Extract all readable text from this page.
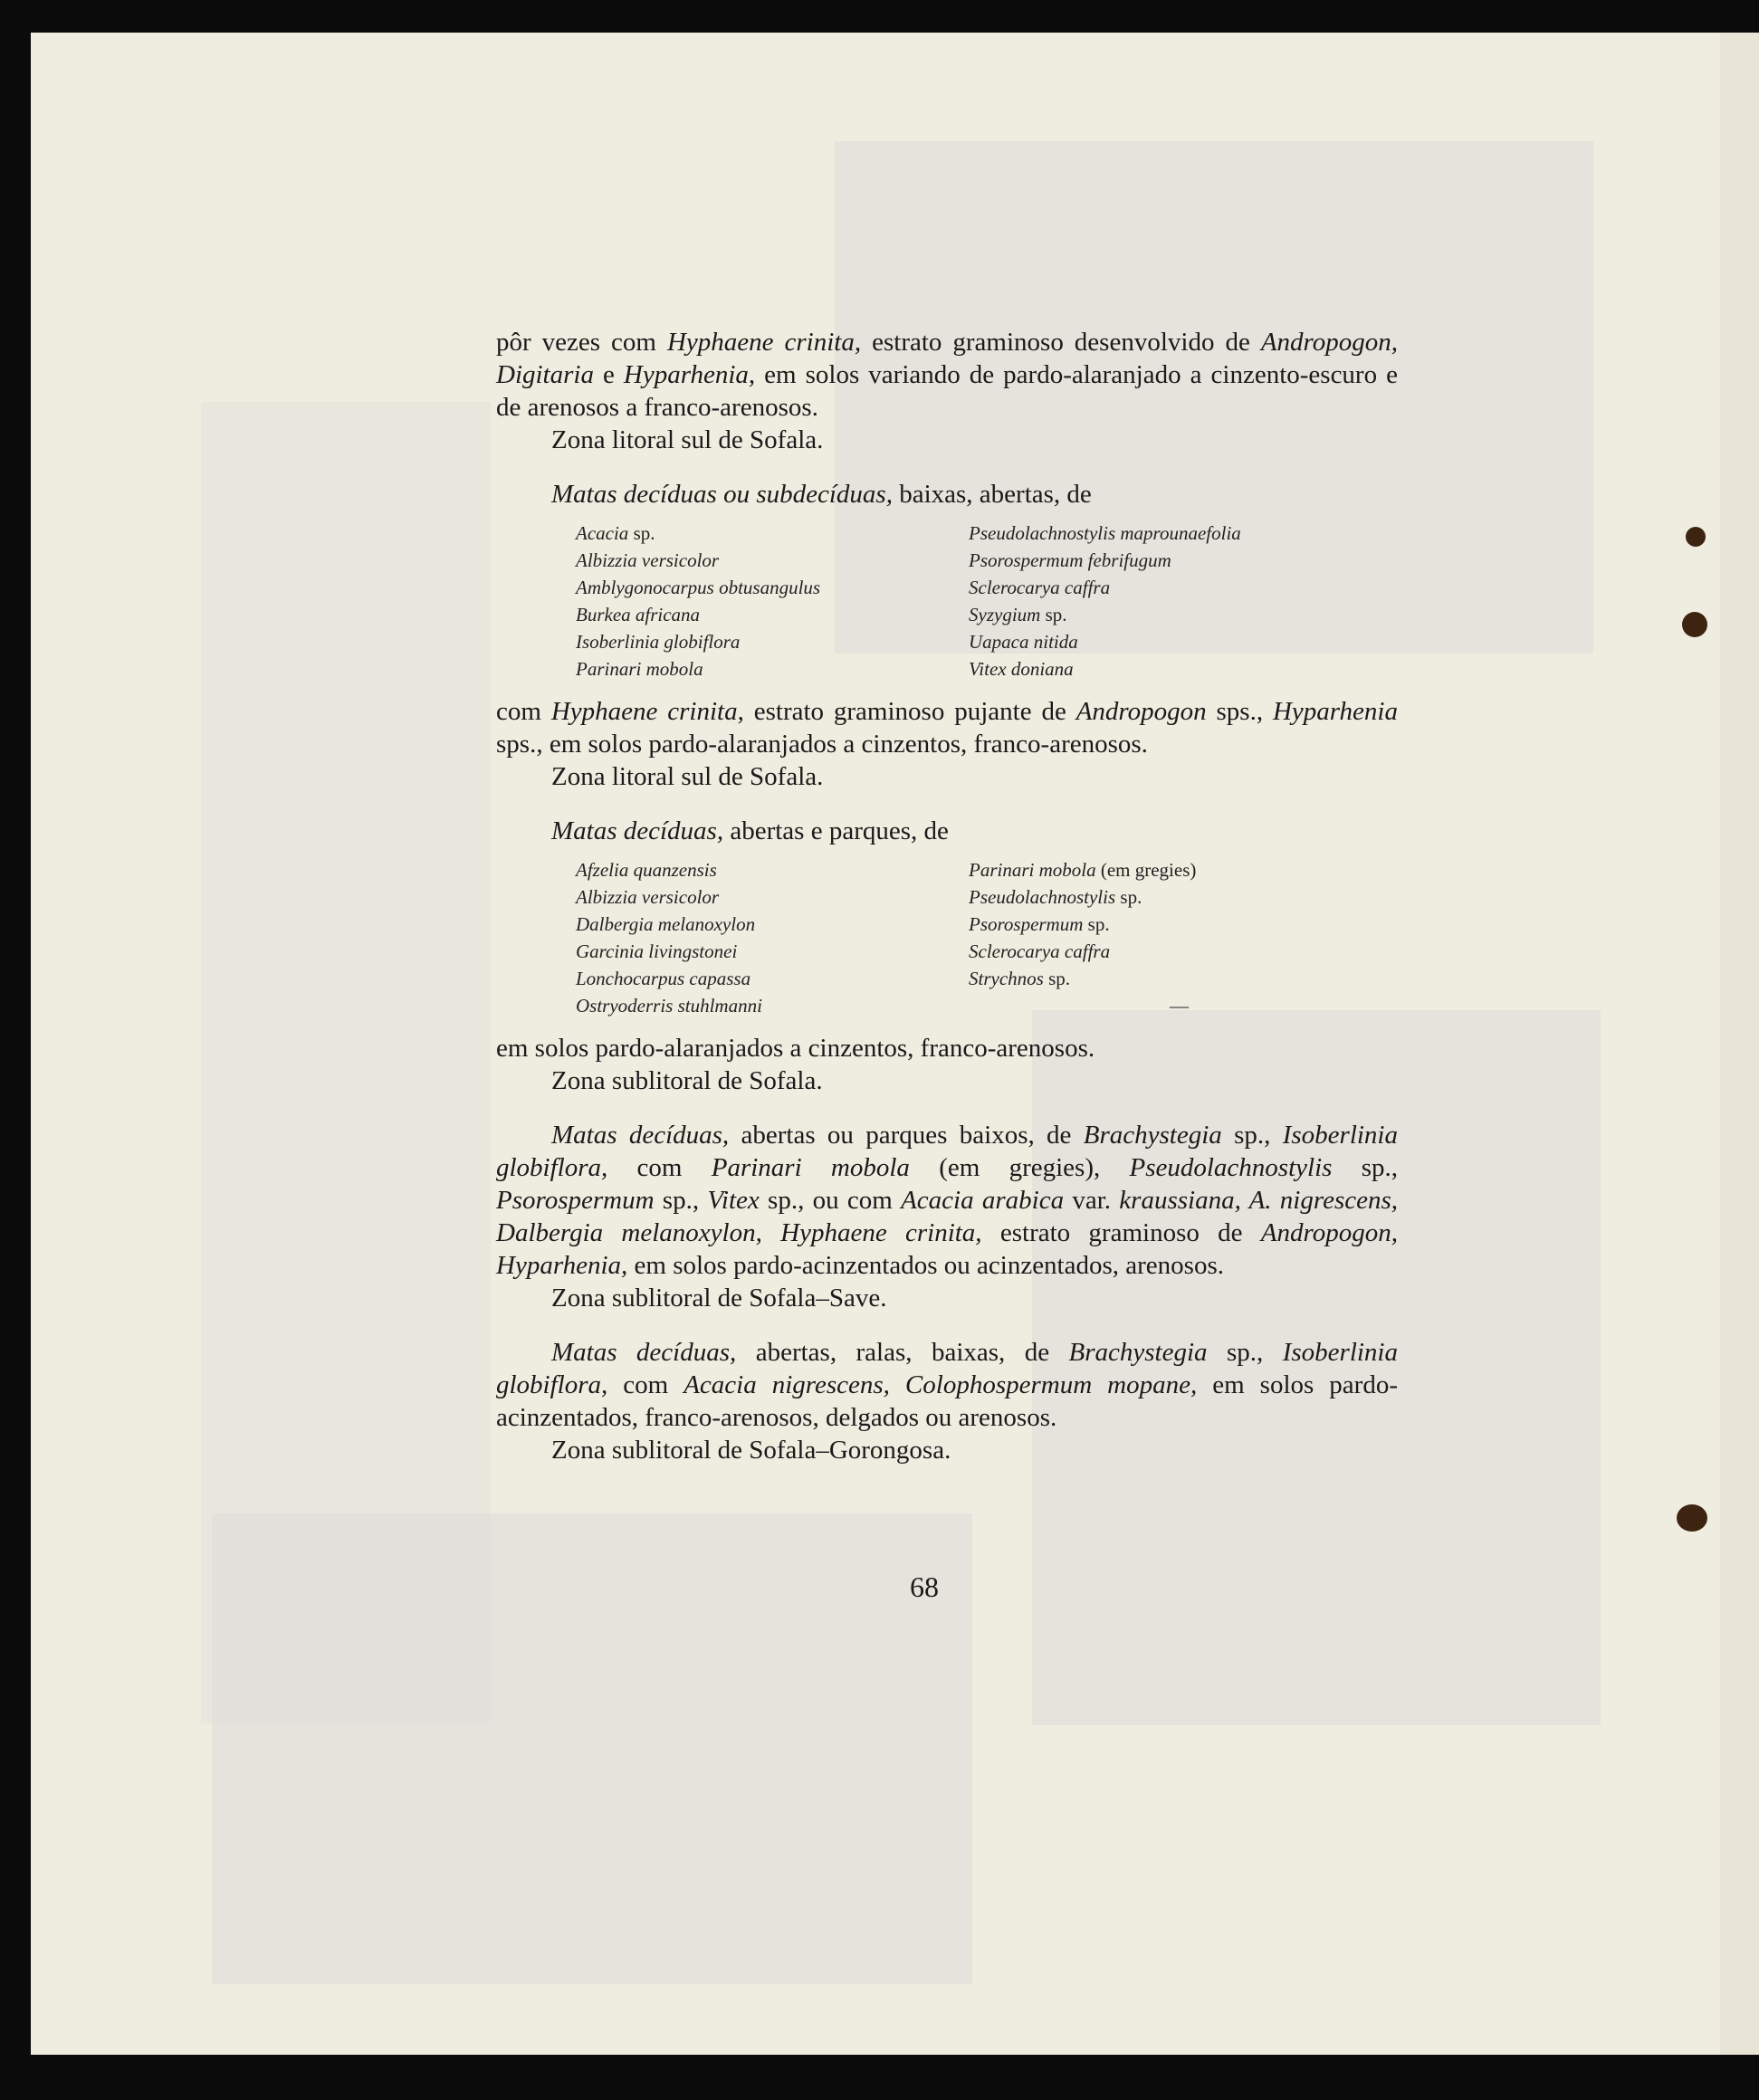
pôr vezes com Hyphaene crinita, estrato graminoso desenvolvido de Andropogon, Digitaria e Hyparhenia, em solos variando de pardo-alaranjado a cinzento-escuro e de arenosos a franco-arenosos.

Zona litoral sul de Sofala.

Matas decíduas ou subdecíduas, baixas, abertas, de

Acacia sp.
Albizzia versicolor
Amblygonocarpus obtusangulus
Burkea africana
Isoberlinia globiflora
Parinari mobola
Pseudolachnostylis maprounaefolia
Psorospermum febrifugum
Sclerocarya caffra
Syzygium sp.
Uapaca nitida
Vitex doniana

com Hyphaene crinita, estrato graminoso pujante de Andropogon sps., Hyparhenia sps., em solos pardo-alaranjados a cinzentos, franco-arenosos.

Zona litoral sul de Sofala.

Matas decíduas, abertas e parques, de

Afzelia quanzensis
Albizzia versicolor
Dalbergia melanoxylon
Garcinia livingstonei
Lonchocarpus capassa
Ostryoderris stuhlmanni
Parinari mobola (em gregies)
Pseudolachnostylis sp.
Psorospermum sp.
Sclerocarya caffra
Strychnos sp.
—

em solos pardo-alaranjados a cinzentos, franco-arenosos.

Zona sublitoral de Sofala.

Matas decíduas, abertas ou parques baixos, de Brachystegia sp., Isoberlinia globiflora, com Parinari mobola (em gregies), Pseudolachnostylis sp., Psorospermum sp., Vitex sp., ou com Acacia arabica var. kraussiana, A. nigrescens, Dalbergia melanoxylon, Hyphaene crinita, estrato graminoso de Andropogon, Hyparhenia, em solos pardo-acinzentados ou acinzentados, arenosos.

Zona sublitoral de Sofala–Save.

Matas decíduas, abertas, ralas, baixas, de Brachystegia sp., Isoberlinia globiflora, com Acacia nigrescens, Colophospermum mopane, em solos pardo-acinzentados, franco-arenosos, delgados ou arenosos.

Zona sublitoral de Sofala–Gorongosa.

68
